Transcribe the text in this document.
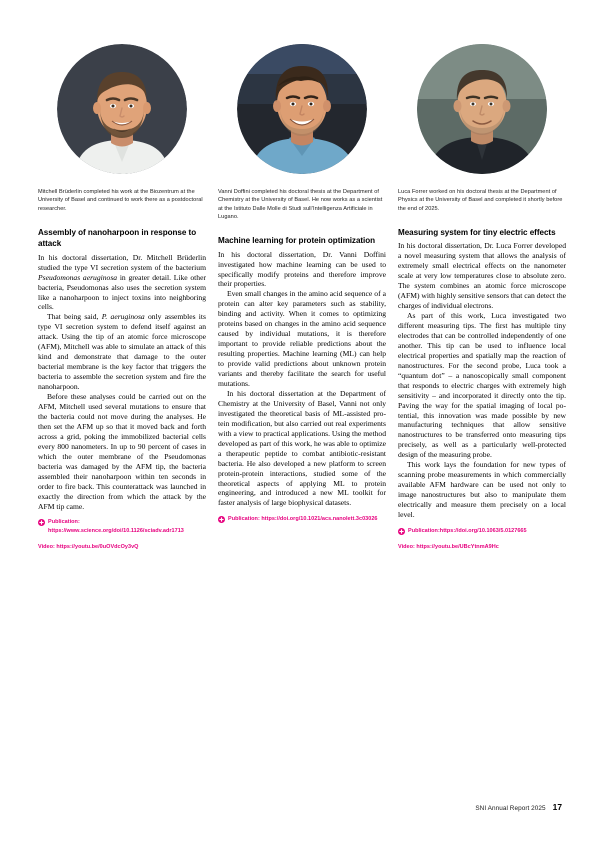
Mitchell Brüderlin completed his work at the Biozentrum at the University of Basel and continued to work there as a postdoctoral researcher.
Assembly of nanoharpoon in response to attack

In his doctoral dissertation, Dr. Mitchell Brüderlin studied the type VI secretion system of the bacterium Pseudomonas aeruginosa in greater detail. Like other bacteria, Pseudomonas also uses the secretion system like a nanoharpoon to inject toxins into neighboring cells.

That being said, P. aeruginosa only assembles its type VI secretion system to defend itself against an attack. Using the tip of an atomic force microscope (AFM), Mitchell was able to simulate an attack of this kind and demonstrate that damage to the outer bacterial membrane is the key factor that triggers the bacteria to assemble the secretion system and fire the nanoharpoon.

Before these analyses could be carried out on the AFM, Mitchell used several mutations to ensure that the bacteria could not move during the analyses. He then set the AFM up so that it moved back and forth across a grid, poking the immobilized bacterial cells every 800 nanometers. In up to 90 percent of cases in which the outer membrane of the Pseudomonas bacteria was damaged by the AFM tip, the bacteria assembled their nanoharpoon within ten seconds in order to fire back. This counterattack was launched in exactly the direction from which the attack by the AFM tip came.

Publication: https://www.science.org/doi/10.1126/sciadv.adr1713
Video: https://youtu.be/0uOVdcOy3vQ
Vanni Doffini completed his doctoral thesis at the Department of Chemistry at the University of Basel. He now works as a scientist at the Istituto Dalle Molle di Studi sull’Intelligenza Artificiale in Lugano.
Machine learning for protein optimization

In his doctoral dissertation, Dr. Vanni Doffini investigated how machine learning can be used to specifically modify proteins and therefore improve their properties.

Even small changes in the amino acid sequence of a protein can alter key parameters such as stability, binding and activity. When it comes to optimizing proteins based on changes in the amino acid sequence caused by individual mutations, it is therefore important to provide reliable predictions about the resulting properties. Machine learning (ML) can help to provide valid predictions about unknown protein variants and thereby facilitate the search for useful mutations.

In his doctoral dissertation at the Department of Chemistry at the University of Basel, Vanni not only investigated the theoretical basis of ML-assisted protein modification, but also carried out real experiments with a view to practical applications. Using the method developed as part of this work, he was able to optimize a therapeutic peptide to combat antibiotic-resistant bacteria. He also developed a new platform to screen protein-protein interactions, studied some of the theoretical aspects of applying ML to protein engineering, and introduced a new ML toolkit for faster analysis of large biophysical datasets.

Publication: https://doi.org/10.1021/acs.nanolett.3c03026
Luca Forrer worked on his doctoral thesis at the Department of Physics at the University of Basel and completed it shortly before the end of 2025.
Measuring system for tiny electric effects

In his doctoral dissertation, Dr. Luca Forrer developed a novel measuring system that allows the analysis of extremely small electrical effects on the nanometer scale at very low temperatures close to absolute zero. The system combines an atomic force microscope (AFM) with highly sensitive sensors that can detect the charges of individual electrons.

As part of this work, Luca investigated two different measuring tips. The first has multiple tiny electrodes that can be controlled independently of one another. This tip can be used to influence local electrical properties and spatially map the reaction of nanostructures. For the second probe, Luca took a “quantum dot” – a nanoscopically small component that responds to electric charges with extremely high sensitivity – and incorporated it directly onto the tip. Paving the way for the spatial imaging of local potential, this innovation was made possible by new manufacturing techniques that allow sensitive nanostructures to be transferred onto measuring tips precisely, as well as a particularly well-protected design of the measuring probe.

This work lays the foundation for new types of scanning probe measurements in which commercially available AFM hardware can be used not only to image nanostructures but also to manipulate them electrically and measure them precisely on a local level.

Publication:https://doi.org/10.1063/5.0127665
Video: https://youtu.be/UBcYtnmA9Hc
SNI Annual Report 2025 17
